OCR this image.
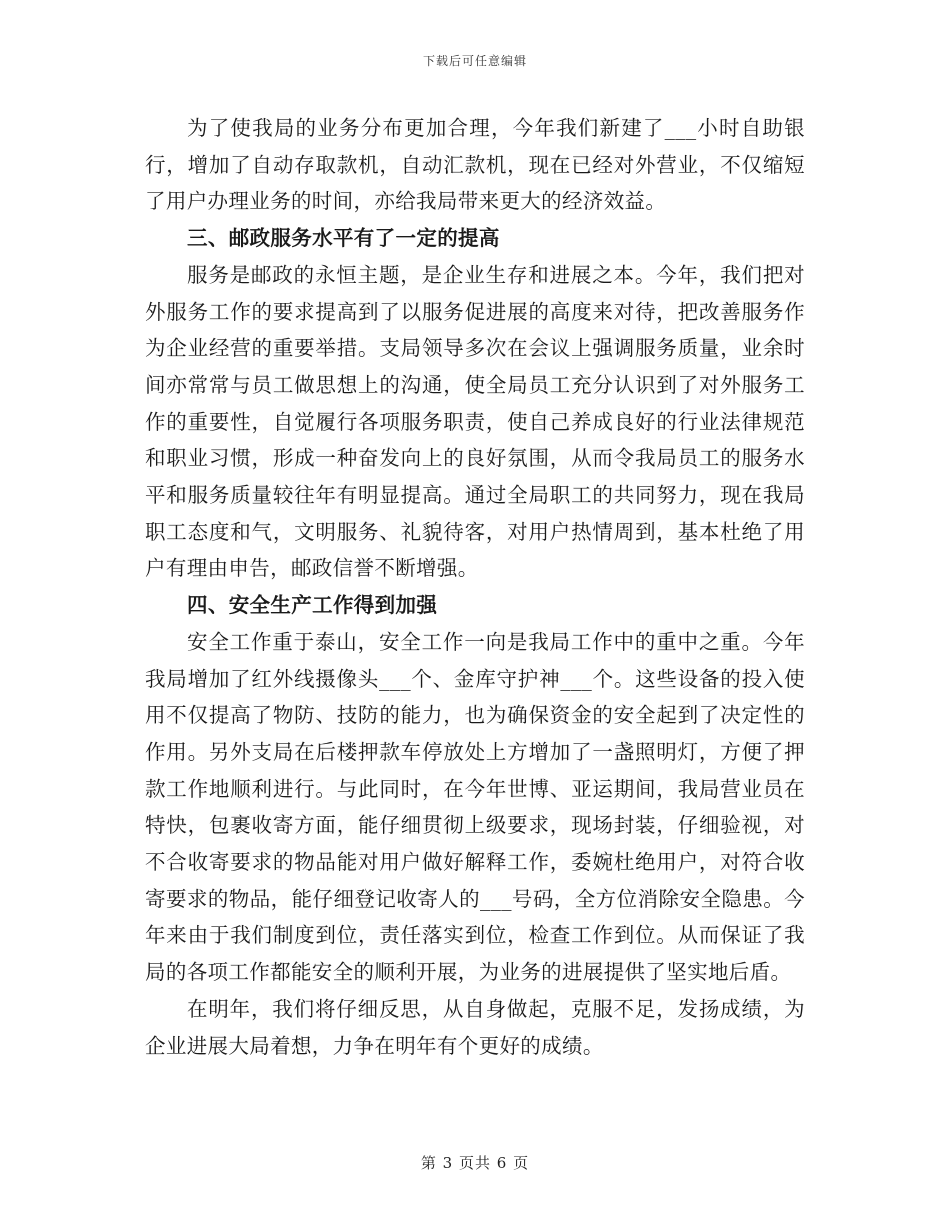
下载后可任意编辑

为了使我局的业务分布更加合理，今年我们新建了___小时自助银行，增加了自动存取款机，自动汇款机，现在已经对外营业，不仅缩短了用户办理业务的时间，亦给我局带来更大的经济效益。

三、邮政服务水平有了一定的提高

服务是邮政的永恒主题，是企业生存和进展之本。今年，我们把对外服务工作的要求提高到了以服务促进展的高度来对待，把改善服务作为企业经营的重要举措。支局领导多次在会议上强调服务质量，业余时间亦常常与员工做思想上的沟通，使全局员工充分认识到了对外服务工作的重要性，自觉履行各项服务职责，使自己养成良好的行业法律规范和职业习惯，形成一种奋发向上的良好氛围，从而令我局员工的服务水平和服务质量较往年有明显提高。通过全局职工的共同努力，现在我局职工态度和气，文明服务、礼貌待客，对用户热情周到，基本杜绝了用户有理由申告，邮政信誉不断增强。

四、安全生产工作得到加强

安全工作重于泰山，安全工作一向是我局工作中的重中之重。今年我局增加了红外线摄像头___个、金库守护神___个。这些设备的投入使用不仅提高了物防、技防的能力，也为确保资金的安全起到了决定性的作用。另外支局在后楼押款车停放处上方增加了一盏照明灯，方便了押款工作地顺利进行。与此同时，在今年世博、亚运期间，我局营业员在特快，包裹收寄方面，能仔细贯彻上级要求，现场封装，仔细验视，对不合收寄要求的物品能对用户做好解释工作，委婉杜绝用户，对符合收寄要求的物品，能仔细登记收寄人的___号码，全方位消除安全隐患。今年来由于我们制度到位，责任落实到位，检查工作到位。从而保证了我局的各项工作都能安全的顺利开展，为业务的进展提供了坚实地后盾。

在明年，我们将仔细反思，从自身做起，克服不足，发扬成绩，为企业进展大局着想，力争在明年有个更好的成绩。

第 3 页共 6 页
